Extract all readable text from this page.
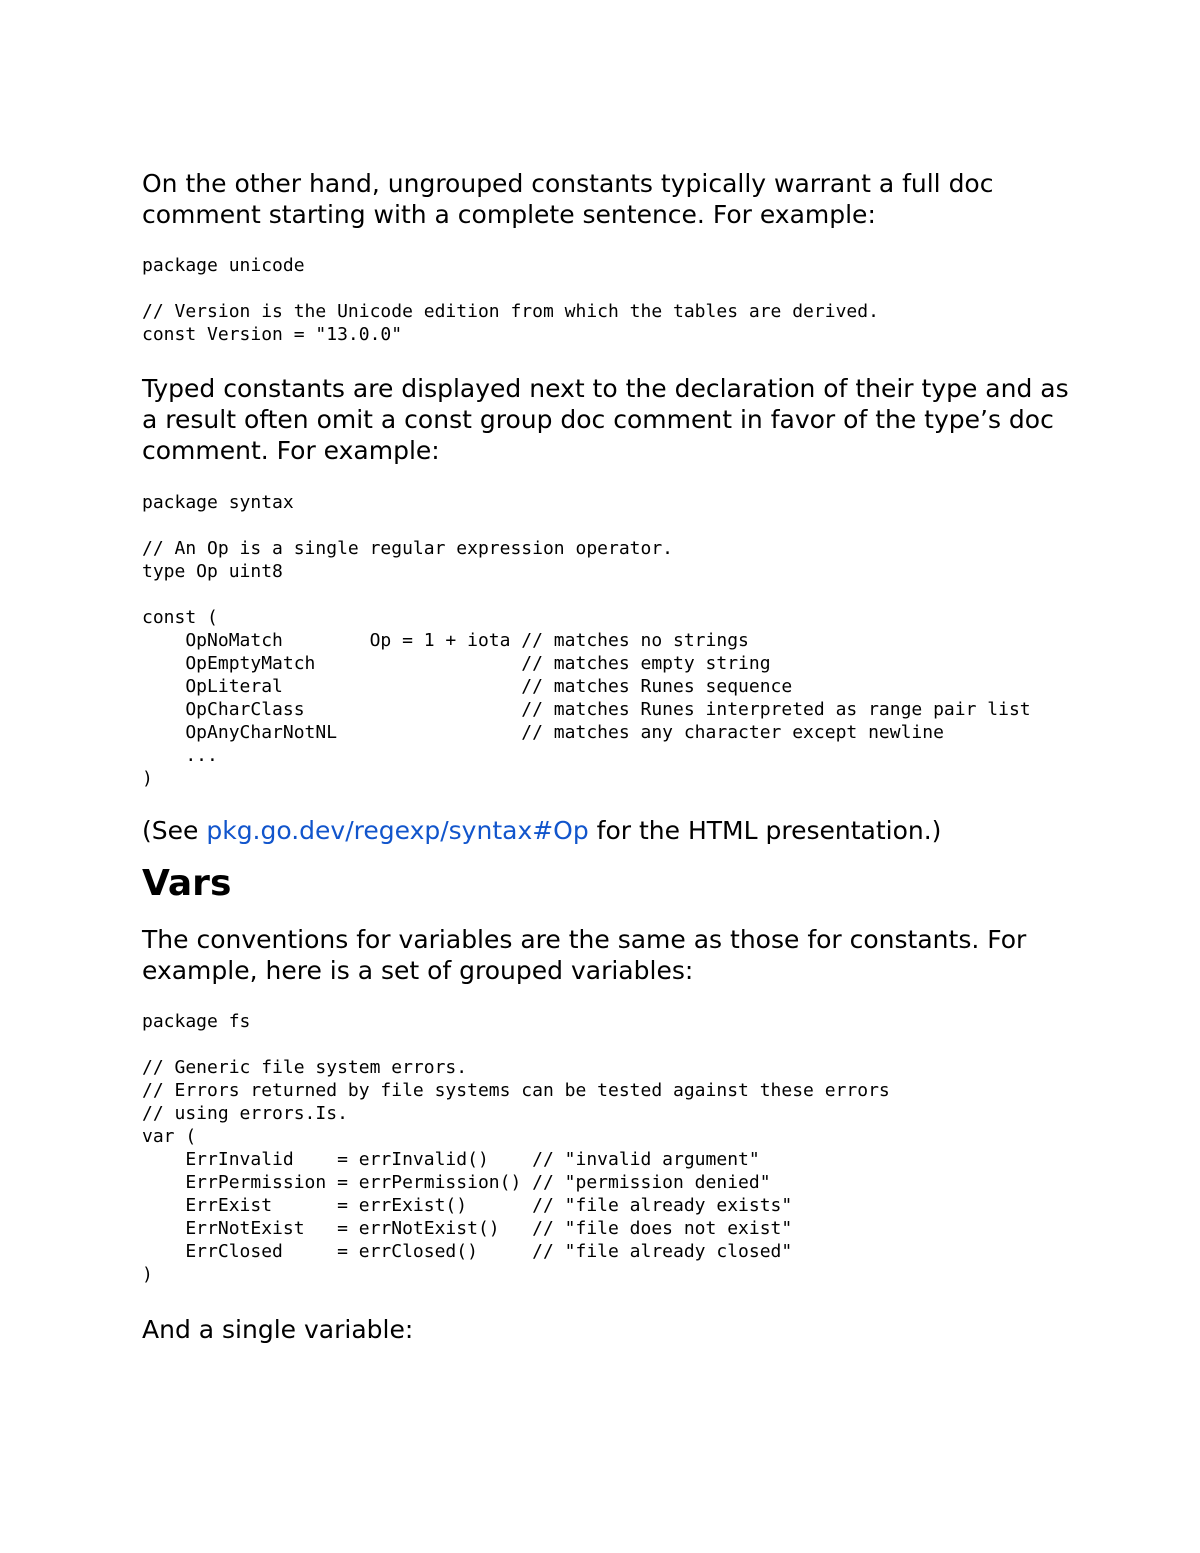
On the other hand, ungrouped constants typically warrant a full doc comment starting with a complete sentence. For example:

package unicode

// Version is the Unicode edition from which the tables are derived.
const Version = "13.0.0"

Typed constants are displayed next to the declaration of their type and as a result often omit a const group doc comment in favor of the type’s doc comment. For example:

package syntax

// An Op is a single regular expression operator.
type Op uint8

const (
OpNoMatch        Op = 1 + iota // matches no strings
OpEmptyMatch                   // matches empty string
OpLiteral                      // matches Runes sequence
OpCharClass                    // matches Runes interpreted as range pair list
OpAnyCharNotNL                 // matches any character except newline
...
)

(See pkg.go.dev/regexp/syntax#Op for the HTML presentation.)

Vars

The conventions for variables are the same as those for constants. For example, here is a set of grouped variables:

package fs

// Generic file system errors.
// Errors returned by file systems can be tested against these errors
// using errors.Is.
var (
ErrInvalid    = errInvalid()    // "invalid argument"
ErrPermission = errPermission() // "permission denied"
ErrExist      = errExist()      // "file already exists"
ErrNotExist   = errNotExist()   // "file does not exist"
ErrClosed     = errClosed()     // "file already closed"
)

And a single variable:
